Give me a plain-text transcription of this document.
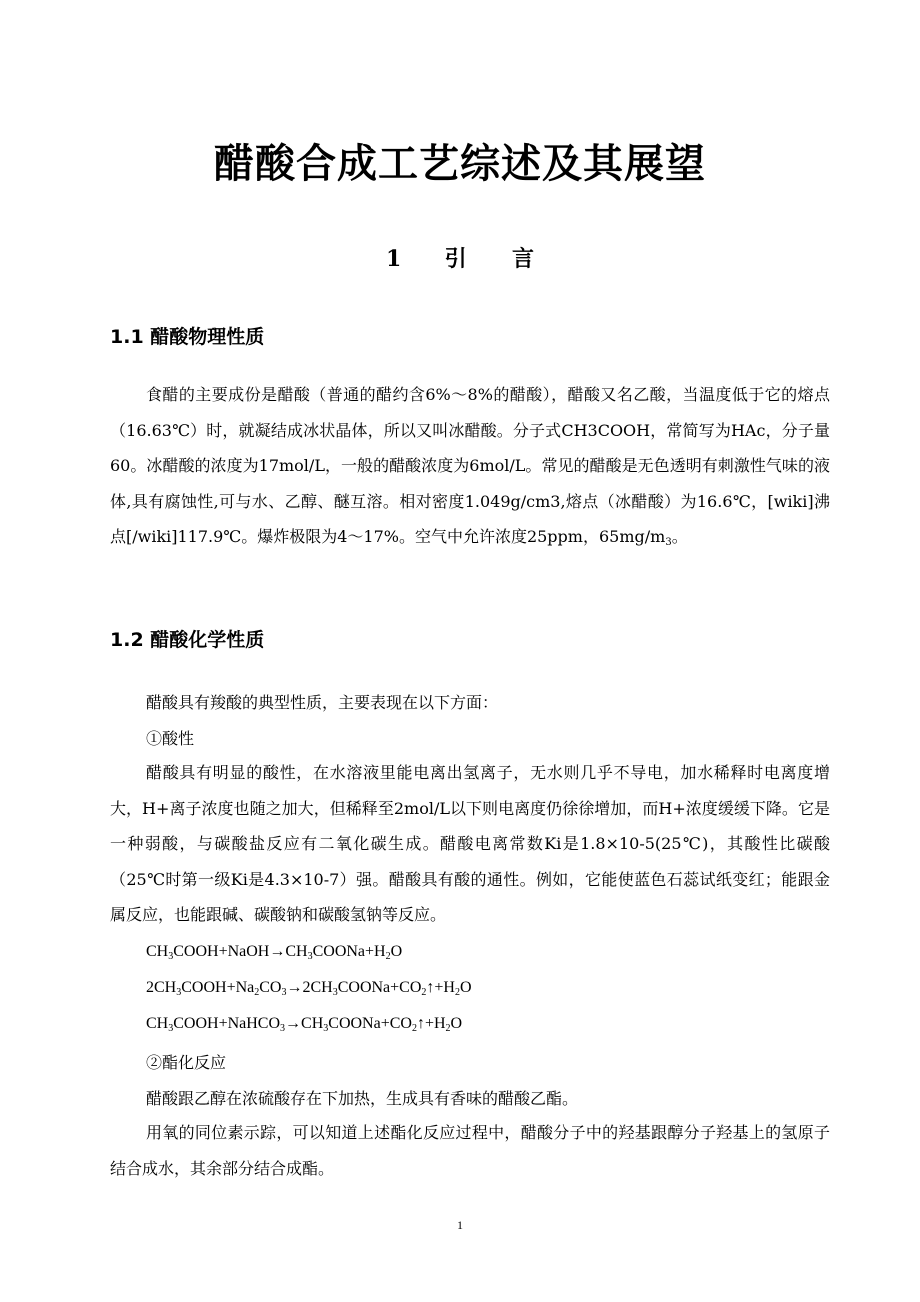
醋酸合成工艺综述及其展望
1 引 言
1.1 醋酸物理性质

食醋的主要成份是醋酸（普通的醋约含6%～8%的醋酸），醋酸又名乙酸，当温度低于它的熔点（16.63℃）时，就凝结成冰状晶体，所以又叫冰醋酸。分子式CH3COOH，常简写为HAc，分子量60。冰醋酸的浓度为17mol/L，一般的醋酸浓度为6mol/L。常见的醋酸是无色透明有刺激性气味的液体,具有腐蚀性,可与水、乙醇、醚互溶。相对密度1.049g/cm3,熔点（冰醋酸）为16.6℃，[wiki]沸点[/wiki]117.9℃。爆炸极限为4～17%。空气中允许浓度25ppm，$65mg/m_3$。

1.2 醋酸化学性质
醋酸具有羧酸的典型性质，主要表现在以下方面：
①酸性

醋酸具有明显的酸性，在水溶液里能电离出氢离子，无水则几乎不导电，加水稀释时电离度增大，H+离子浓度也随之加大，但稀释至2mol/L以下则电离度仍徐徐增加，而H+浓度缓缓下降。它是一种弱酸，与碳酸盐反应有二氧化碳生成。醋酸电离常数Ki是1.8×10-5(25℃)，其酸性比碳酸（25℃时第一级Ki是4.3×10-7）强。醋酸具有酸的通性。例如，它能使蓝色石蕊试纸变红；能跟金属反应，也能跟碱、碳酸钠和碳酸氢钠等反应。

$CH_3COOH+NaOH\to CH_3COONa+H_2O$
$2CH_3COOH+Na_2CO_3\to 2CH_3COONa+CO_2↑+H_2O$
$CH_3COOH+NaHCO_3\to CH_3COONa+CO_2↑+H_2O$
②酯化反应
醋酸跟乙醇在浓硫酸存在下加热，生成具有香味的醋酸乙酯。

用氧的同位素示踪，可以知道上述酯化反应过程中，醋酸分子中的羟基跟醇分子羟基上的氢原子结合成水，其余部分结合成酯。

1
